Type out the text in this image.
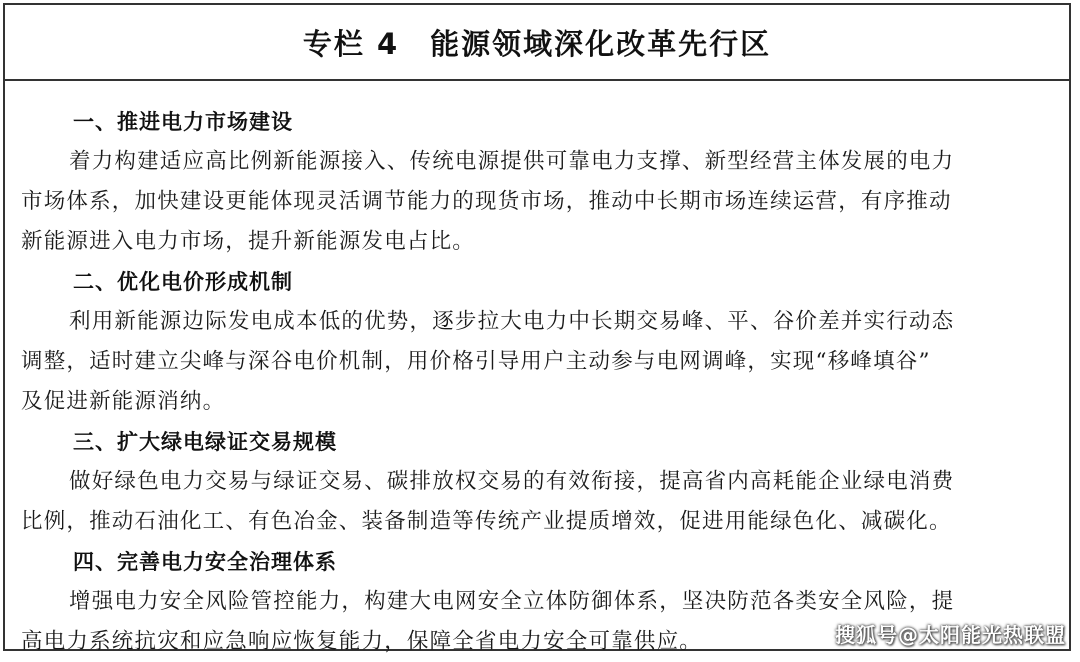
专栏 4　能源领域深化改革先行区
一、推进电力市场建设
着力构建适应高比例新能源接入、传统电源提供可靠电力支撑、新型经营主体发展的电力
市场体系，加快建设更能体现灵活调节能力的现货市场，推动中长期市场连续运营，有序推动
新能源进入电力市场，提升新能源发电占比。
二、优化电价形成机制
利用新能源边际发电成本低的优势，逐步拉大电力中长期交易峰、平、谷价差并实行动态
调整，适时建立尖峰与深谷电价机制，用价格引导用户主动参与电网调峰，实现“移峰填谷”
及促进新能源消纳。
三、扩大绿电绿证交易规模
做好绿色电力交易与绿证交易、碳排放权交易的有效衔接，提高省内高耗能企业绿电消费
比例，推动石油化工、有色冶金、装备制造等传统产业提质增效，促进用能绿色化、减碳化。
四、完善电力安全治理体系
增强电力安全风险管控能力，构建大电网安全立体防御体系，坚决防范各类安全风险，提
高电力系统抗灾和应急响应恢复能力，保障全省电力安全可靠供应。	搜狐号@太阳能光热联盟
